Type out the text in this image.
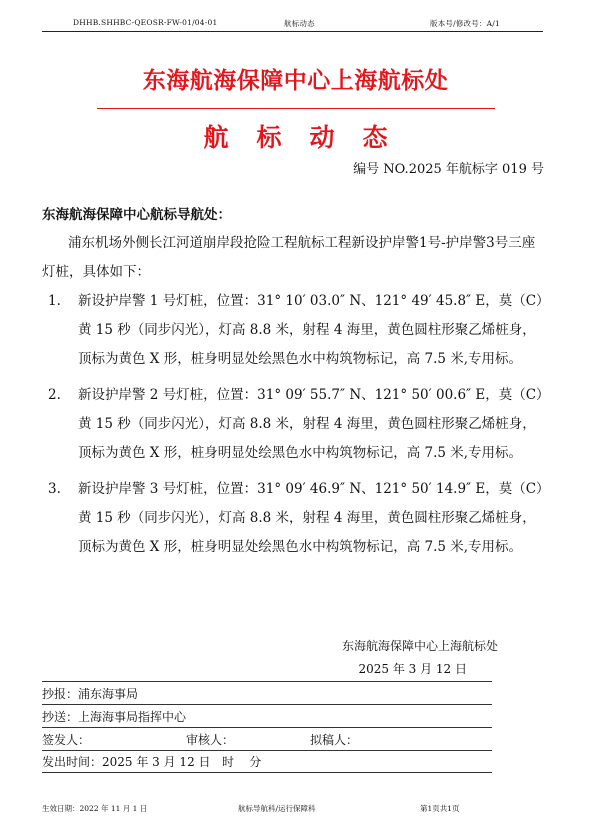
DHHB.SHHBC-QEOSR-FW-01/04-01	航标动态	版本号/修改号：A/1
东海航海保障中心上海航标处
航标动态
编号 NO.2025 年航标字 019 号
东海航海保障中心航标导航处：
浦东机场外侧长江河道崩岸段抢险工程航标工程新设护岸警1号-护岸警3号三座灯桩，具体如下：
1. 新设护岸警 1 号灯桩，位置：31° 10′ 03.0″ N、121° 49′ 45.8″ E，莫（C）黄 15 秒（同步闪光），灯高 8.8 米，射程 4 海里，黄色圆柱形聚乙烯桩身，顶标为黄色 X 形，桩身明显处绘黑色水中构筑物标记，高 7.5 米,专用标。
2. 新设护岸警 2 号灯桩，位置：31° 09′ 55.7″ N、121° 50′ 00.6″ E，莫（C）黄 15 秒（同步闪光），灯高 8.8 米，射程 4 海里，黄色圆柱形聚乙烯桩身，顶标为黄色 X 形，桩身明显处绘黑色水中构筑物标记，高 7.5 米,专用标。
3. 新设护岸警 3 号灯桩，位置：31° 09′ 46.9″ N、121° 50′ 14.9″ E，莫（C）黄 15 秒（同步闪光），灯高 8.8 米，射程 4 海里，黄色圆柱形聚乙烯桩身，顶标为黄色 X 形，桩身明显处绘黑色水中构筑物标记，高 7.5 米,专用标。
东海航海保障中心上海航标处
2025 年 3 月 12 日
抄报：浦东海事局
抄送：上海海事局指挥中心
签发人：	审核人：	拟稿人：
发出时间：2025 年 3 月 12 日   时    分
生效日期：2022 年 11 月 1 日	航标导航科/运行保障科	第1页共1页
